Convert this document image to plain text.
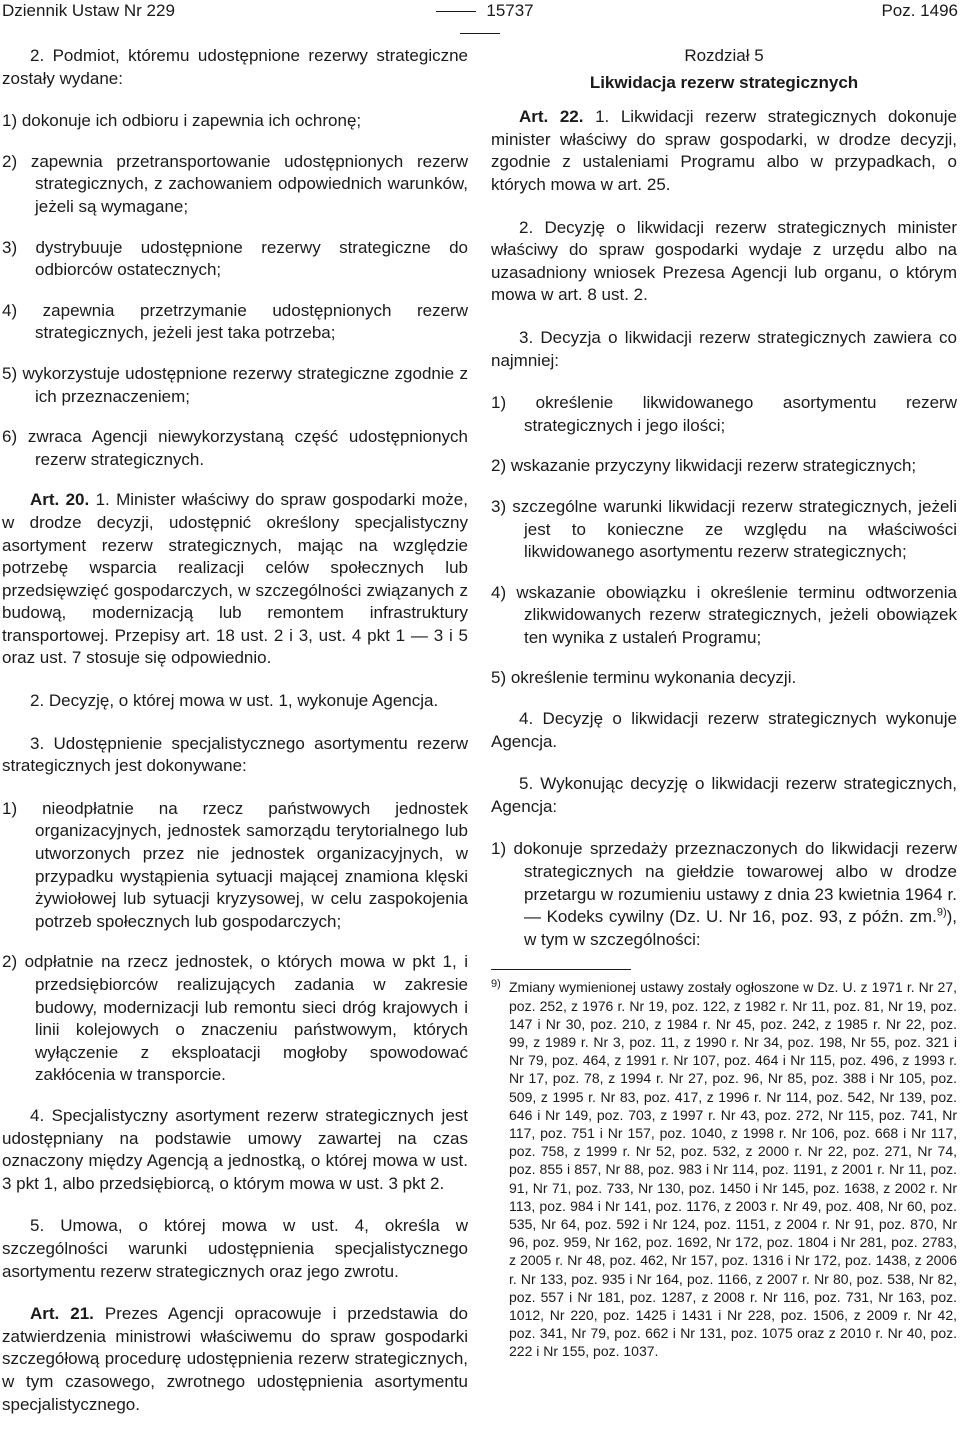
Dziennik Ustaw Nr 229	15737	Poz. 1496

2. Podmiot, któremu udostępnione rezerwy strategiczne zostały wydane:

1) dokonuje ich odbioru i zapewnia ich ochronę;
2) zapewnia przetransportowanie udostępnionych rezerw strategicznych, z zachowaniem odpowiednich warunków, jeżeli są wymagane;
3) dystrybuuje udostępnione rezerwy strategiczne do odbiorców ostatecznych;
4) zapewnia przetrzymanie udostępnionych rezerw strategicznych, jeżeli jest taka potrzeba;
5) wykorzystuje udostępnione rezerwy strategiczne zgodnie z ich przeznaczeniem;
6) zwraca Agencji niewykorzystaną część udostępnionych rezerw strategicznych.

Art. 20. 1. Minister właściwy do spraw gospodarki może, w drodze decyzji, udostępnić określony specjalistyczny asortyment rezerw strategicznych, mając na względzie potrzebę wsparcia realizacji celów społecznych lub przedsięwzięć gospodarczych, w szczególności związanych z budową, modernizacją lub remontem infrastruktury transportowej. Przepisy art. 18 ust. 2 i 3, ust. 4 pkt 1 — 3 i 5 oraz ust. 7 stosuje się odpowiednio.

2. Decyzję, o której mowa w ust. 1, wykonuje Agencja.

3. Udostępnienie specjalistycznego asortymentu rezerw strategicznych jest dokonywane:

1) nieodpłatnie na rzecz państwowych jednostek organizacyjnych, jednostek samorządu terytorialnego lub utworzonych przez nie jednostek organizacyjnych, w przypadku wystąpienia sytuacji mającej znamiona klęski żywiołowej lub sytuacji kryzysowej, w celu zaspokojenia potrzeb społecznych lub gospodarczych;
2) odpłatnie na rzecz jednostek, o których mowa w pkt 1, i przedsiębiorców realizujących zadania w zakresie budowy, modernizacji lub remontu sieci dróg krajowych i linii kolejowych o znaczeniu państwowym, których wyłączenie z eksploatacji mogłoby spowodować zakłócenia w transporcie.

4. Specjalistyczny asortyment rezerw strategicznych jest udostępniany na podstawie umowy zawartej na czas oznaczony między Agencją a jednostką, o której mowa w ust. 3 pkt 1, albo przedsiębiorcą, o którym mowa w ust. 3 pkt 2.

5. Umowa, o której mowa w ust. 4, określa w szczególności warunki udostępnienia specjalistycznego asortymentu rezerw strategicznych oraz jego zwrotu.

Art. 21. Prezes Agencji opracowuje i przedstawia do zatwierdzenia ministrowi właściwemu do spraw gospodarki szczegółową procedurę udostępnienia rezerw strategicznych, w tym czasowego, zwrotnego udostępnienia asortymentu specjalistycznego.

Rozdział 5

Likwidacja rezerw strategicznych

Art. 22. 1. Likwidacji rezerw strategicznych dokonuje minister właściwy do spraw gospodarki, w drodze decyzji, zgodnie z ustaleniami Programu albo w przypadkach, o których mowa w art. 25.

2. Decyzję o likwidacji rezerw strategicznych minister właściwy do spraw gospodarki wydaje z urzędu albo na uzasadniony wniosek Prezesa Agencji lub organu, o którym mowa w art. 8 ust. 2.

3. Decyzja o likwidacji rezerw strategicznych zawiera co najmniej:

1) określenie likwidowanego asortymentu rezerw strategicznych i jego ilości;
2) wskazanie przyczyny likwidacji rezerw strategicznych;
3) szczególne warunki likwidacji rezerw strategicznych, jeżeli jest to konieczne ze względu na właściwości likwidowanego asortymentu rezerw strategicznych;
4) wskazanie obowiązku i określenie terminu odtworzenia zlikwidowanych rezerw strategicznych, jeżeli obowiązek ten wynika z ustaleń Programu;
5) określenie terminu wykonania decyzji.

4. Decyzję o likwidacji rezerw strategicznych wykonuje Agencja.

5. Wykonując decyzję o likwidacji rezerw strategicznych, Agencja:

1) dokonuje sprzedaży przeznaczonych do likwidacji rezerw strategicznych na giełdzie towarowej albo w drodze przetargu w rozumieniu ustawy z dnia 23 kwietnia 1964 r. — Kodeks cywilny (Dz. U. Nr 16, poz. 93, z późn. zm.$^{9)}$), w tym w szczególności:
9) Zmiany wymienionej ustawy zostały ogłoszone w Dz. U. z 1971 r. Nr 27, poz. 252, z 1976 r. Nr 19, poz. 122, z 1982 r. Nr 11, poz. 81, Nr 19, poz. 147 i Nr 30, poz. 210, z 1984 r. Nr 45, poz. 242, z 1985 r. Nr 22, poz. 99, z 1989 r. Nr 3, poz. 11, z 1990 r. Nr 34, poz. 198, Nr 55, poz. 321 i Nr 79, poz. 464, z 1991 r. Nr 107, poz. 464 i Nr 115, poz. 496, z 1993 r. Nr 17, poz. 78, z 1994 r. Nr 27, poz. 96, Nr 85, poz. 388 i Nr 105, poz. 509, z 1995 r. Nr 83, poz. 417, z 1996 r. Nr 114, poz. 542, Nr 139, poz. 646 i Nr 149, poz. 703, z 1997 r. Nr 43, poz. 272, Nr 115, poz. 741, Nr 117, poz. 751 i Nr 157, poz. 1040, z 1998 r. Nr 106, poz. 668 i Nr 117, poz. 758, z 1999 r. Nr 52, poz. 532, z 2000 r. Nr 22, poz. 271, Nr 74, poz. 855 i 857, Nr 88, poz. 983 i Nr 114, poz. 1191, z 2001 r. Nr 11, poz. 91, Nr 71, poz. 733, Nr 130, poz. 1450 i Nr 145, poz. 1638, z 2002 r. Nr 113, poz. 984 i Nr 141, poz. 1176, z 2003 r. Nr 49, poz. 408, Nr 60, poz. 535, Nr 64, poz. 592 i Nr 124, poz. 1151, z 2004 r. Nr 91, poz. 870, Nr 96, poz. 959, Nr 162, poz. 1692, Nr 172, poz. 1804 i Nr 281, poz. 2783, z 2005 r. Nr 48, poz. 462, Nr 157, poz. 1316 i Nr 172, poz. 1438, z 2006 r. Nr 133, poz. 935 i Nr 164, poz. 1166, z 2007 r. Nr 80, poz. 538, Nr 82, poz. 557 i Nr 181, poz. 1287, z 2008 r. Nr 116, poz. 731, Nr 163, poz. 1012, Nr 220, poz. 1425 i 1431 i Nr 228, poz. 1506, z 2009 r. Nr 42, poz. 341, Nr 79, poz. 662 i Nr 131, poz. 1075 oraz z 2010 r. Nr 40, poz. 222 i Nr 155, poz. 1037.
